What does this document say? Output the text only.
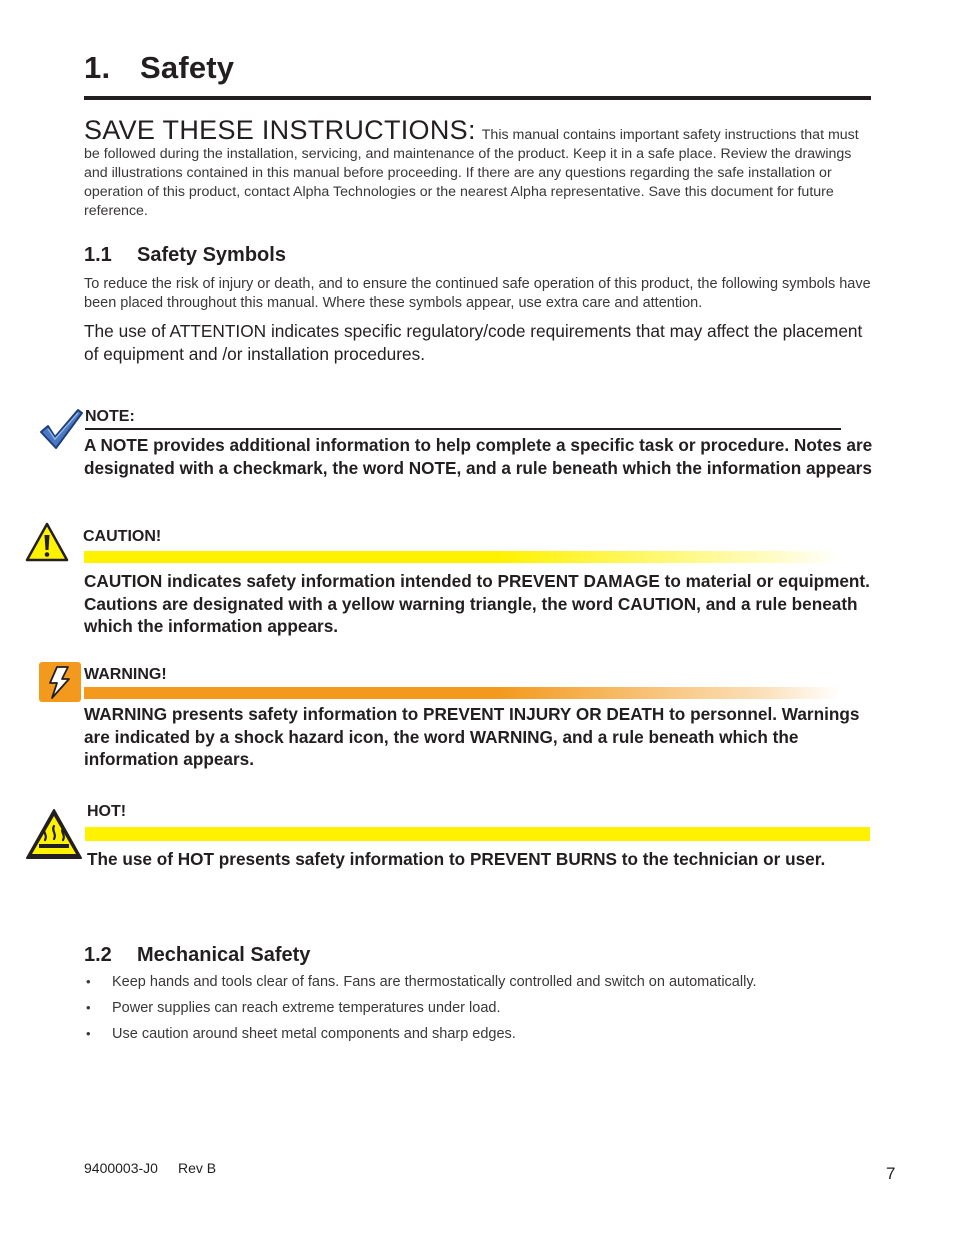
1. Safety
SAVE THESE INSTRUCTIONS: This manual contains important safety instructions that must be followed during the installation, servicing, and maintenance of the product. Keep it in a safe place. Review the drawings and illustrations contained in this manual before proceeding. If there are any questions regarding the safe installation or operation of this product, contact Alpha Technologies or the nearest Alpha representative. Save this document for future reference.
1.1 Safety Symbols
To reduce the risk of injury or death, and to ensure the continued safe operation of this product, the following symbols have been placed throughout this manual. Where these symbols appear, use extra care and attention.
The use of ATTENTION indicates specific regulatory/code requirements that may affect the placement of equipment and /or installation procedures.
NOTE:
A NOTE provides additional information to help complete a specific task or procedure. Notes are designated with a checkmark, the word NOTE, and a rule beneath which the information appears
CAUTION!
CAUTION indicates safety information intended to PREVENT DAMAGE to material or equipment. Cautions are designated with a yellow warning triangle, the word CAUTION, and a rule beneath which the information appears.
WARNING!
WARNING presents safety information to PREVENT INJURY OR DEATH to personnel. Warnings are indicated by a shock hazard icon, the word WARNING, and a rule beneath which the information appears.
HOT!
The use of HOT presents safety information to PREVENT BURNS to the technician or user.
1.2 Mechanical Safety
• Keep hands and tools clear of fans. Fans are thermostatically controlled and switch on automatically.
• Power supplies can reach extreme temperatures under load.
• Use caution around sheet metal components and sharp edges.
9400003-J0 Rev B	7
